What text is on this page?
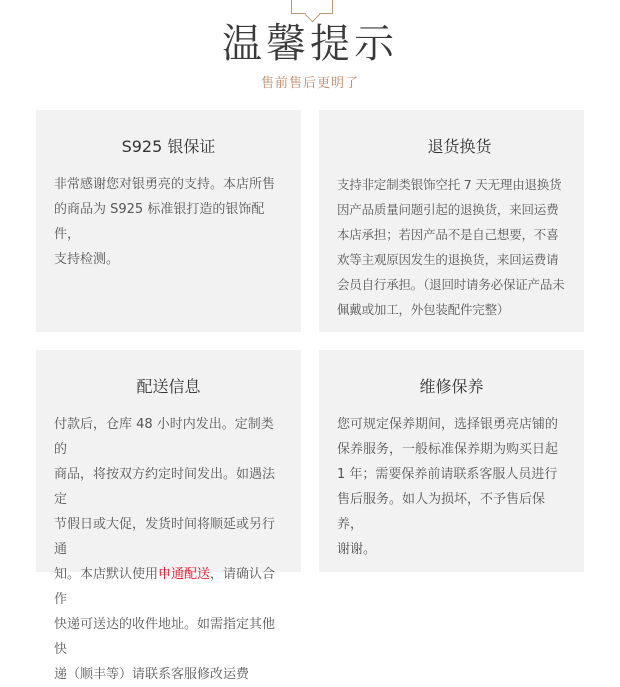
温馨提示
售前售后更明了
S925 银保证

非常感谢您对银勇亮的支持。本店所售
的商品为 S925 标准银打造的银饰配件，
支持检测。

退货换货

支持非定制类银饰空托 7 天无理由退换货
因产品质量问题引起的退换货，来回运费
本店承担；若因产品不是自己想要，不喜
欢等主观原因发生的退换货，来回运费请
会员自行承担。（退回时请务必保证产品未
佩戴或加工，外包装配件完整）

配送信息

付款后，仓库 48 小时内发出。定制类的
商品，将按双方约定时间发出。如遇法定
节假日或大促，发货时间将顺延或另行通
知。本店默认使用申通配送，请确认合作
快递可送达的收件地址。如需指定其他快
递（顺丰等）请联系客服修改运费

维修保养

您可规定保养期间，选择银勇亮店铺的
保养服务，一般标准保养期为购买日起
1 年；需要保养前请联系客服人员进行
售后服务。如人为损坏，不予售后保养，
谢谢。
